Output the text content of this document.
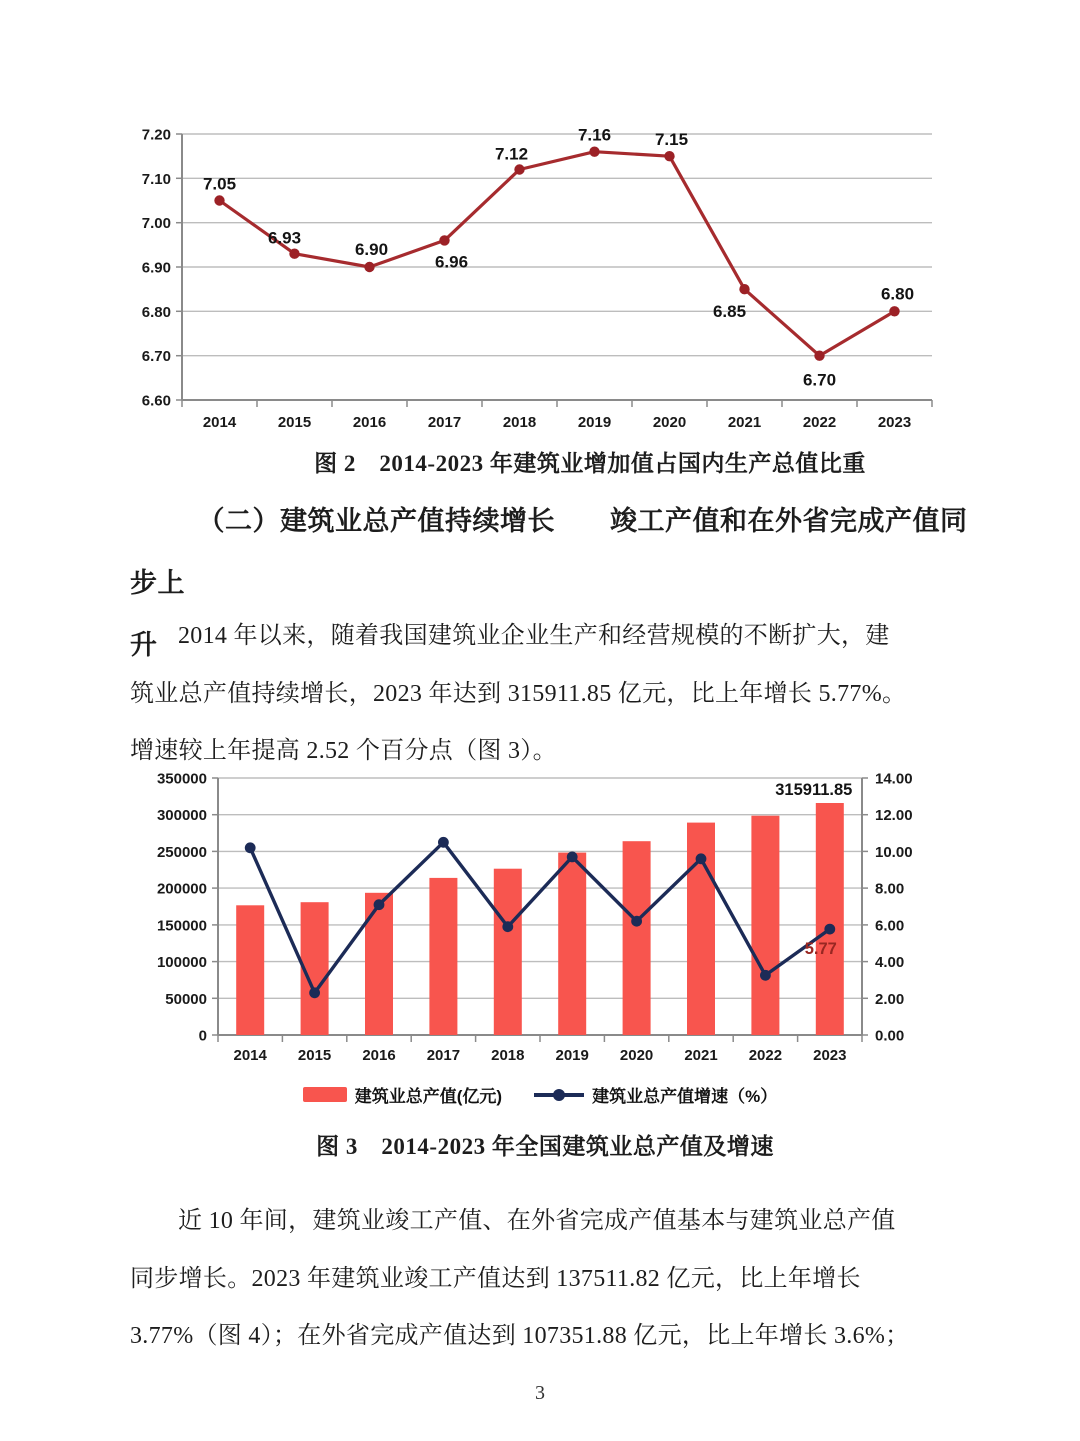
7.20
7.10
7.00
6.90
6.80
6.70
6.60
2014	2015	2016	2017	2018	2019	2020	2021	2022	2023
7.05
6.93
6.90
6.96
7.12
7.16	7.15
6.85
6.70
6.80
图 2　2014-2023 年建筑业增加值占国内生产总值比重
（二）建筑业总产值持续增长　　竣工产值和在外省完成产值同步上
升 2014 年以来，随着我国建筑业企业生产和经营规模的不断扩大，建
筑业总产值持续增长，2023 年达到 315911.85 亿元，比上年增长 5.77%。
增速较上年提高 2.52 个百分点（图 3）。
350000
300000
250000
200000
150000
100000
50000
0
14.00
12.00
10.00
8.00
6.00
4.00
2.00
0.00
2014 2015 2016 2017 2018 2019 2020 2021 2022 2023
315911.85
5.77
建筑业总产值(亿元)	建筑业总产值增速（%）
图 3　2014-2023 年全国建筑业总产值及增速
近 10 年间，建筑业竣工产值、在外省完成产值基本与建筑业总产值
同步增长。2023 年建筑业竣工产值达到 137511.82 亿元，比上年增长
3.77%（图 4）；在外省完成产值达到 107351.88 亿元，比上年增长 3.6%；
3
